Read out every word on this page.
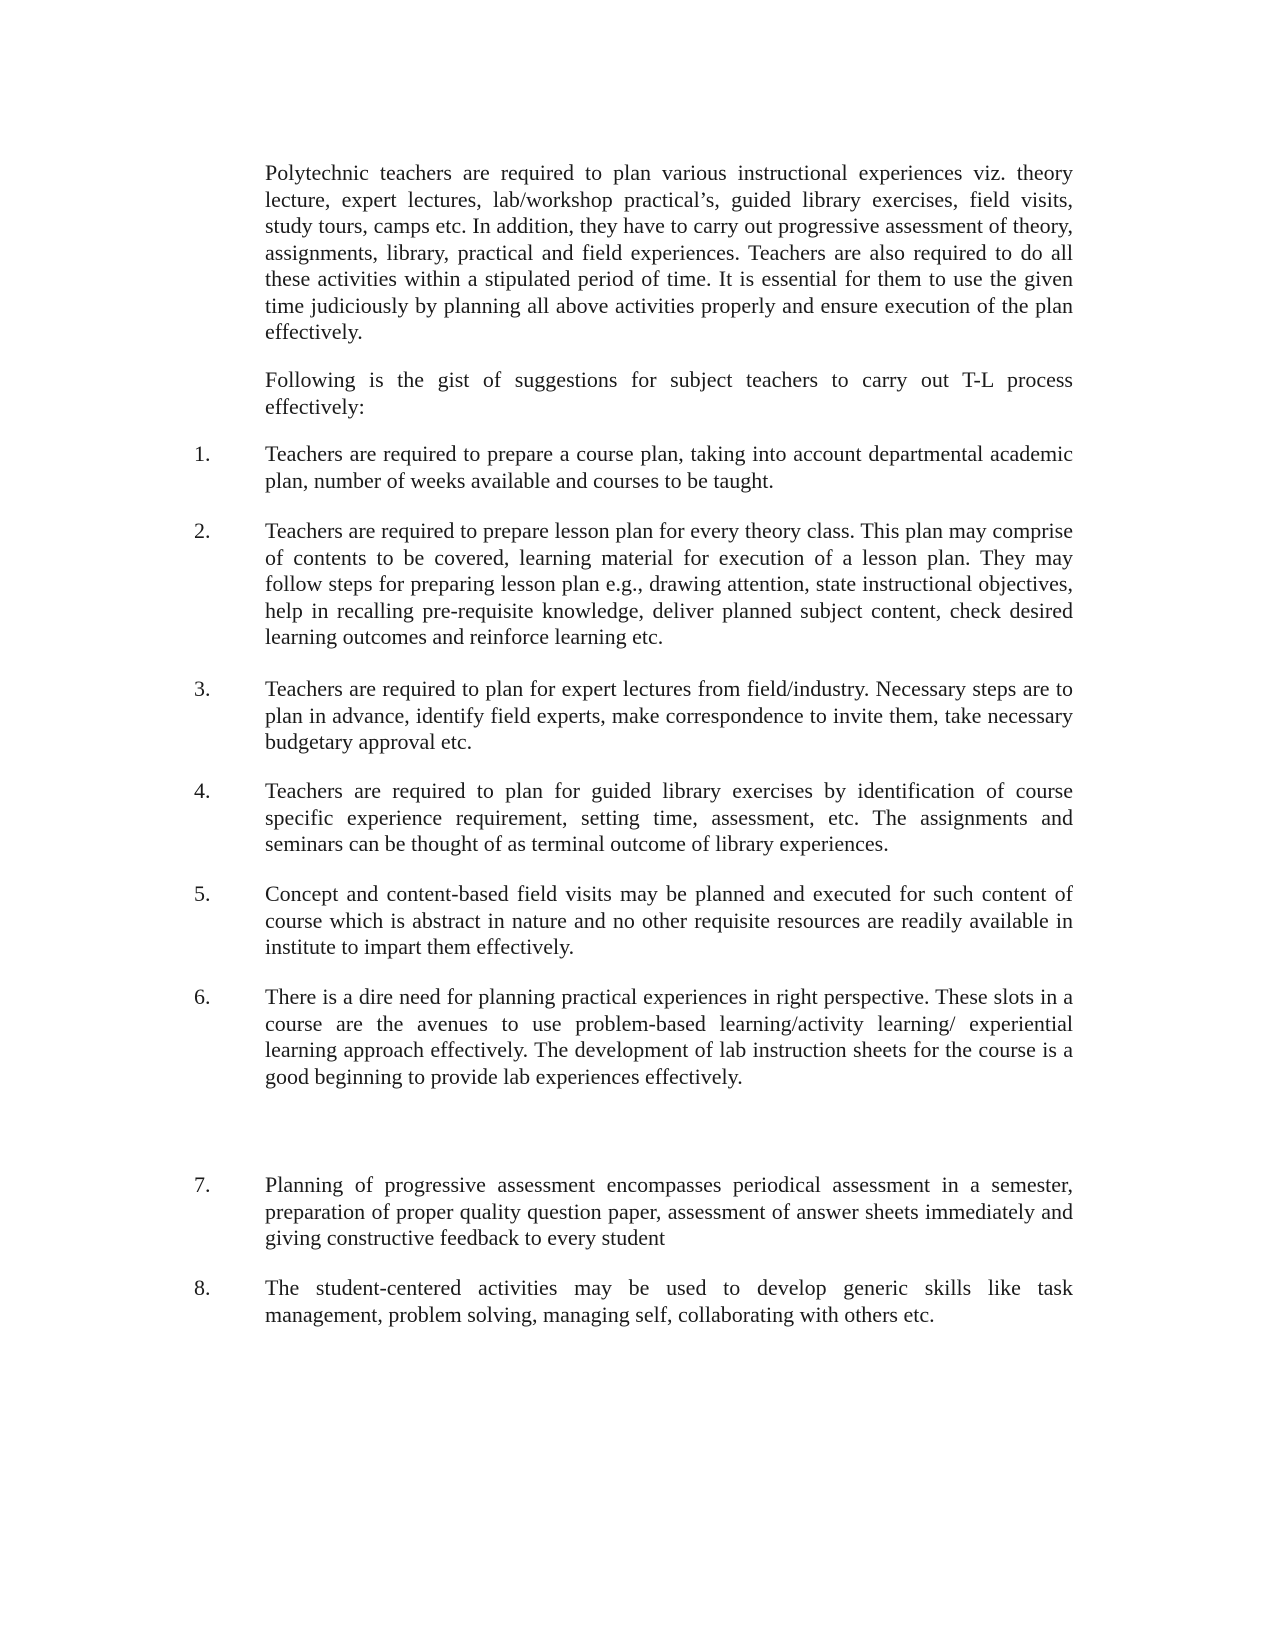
Polytechnic teachers are required to plan various instructional experiences viz. theory lecture, expert lectures, lab/workshop practical’s, guided library exercises, field visits, study tours, camps etc. In addition, they have to carry out progressive assessment of theory, assignments, library, practical and field experiences. Teachers are also required to do all these activities within a stipulated period of time. It is essential for them to use the given time judiciously by planning all above activities properly and ensure execution of the plan effectively.

Following is the gist of suggestions for subject teachers to carry out T-L process effectively:

1. Teachers are required to prepare a course plan, taking into account departmental academic plan, number of weeks available and courses to be taught.

2. Teachers are required to prepare lesson plan for every theory class. This plan may comprise of contents to be covered, learning material for execution of a lesson plan. They may follow steps for preparing lesson plan e.g., drawing attention, state instructional objectives, help in recalling pre-requisite knowledge, deliver planned subject content, check desired learning outcomes and reinforce learning etc.

3. Teachers are required to plan for expert lectures from field/industry. Necessary steps are to plan in advance, identify field experts, make correspondence to invite them, take necessary budgetary approval etc.

4. Teachers are required to plan for guided library exercises by identification of course specific experience requirement, setting time, assessment, etc. The assignments and seminars can be thought of as terminal outcome of library experiences.

5. Concept and content-based field visits may be planned and executed for such content of course which is abstract in nature and no other requisite resources are readily available in institute to impart them effectively.

6. There is a dire need for planning practical experiences in right perspective. These slots in a course are the avenues to use problem-based learning/activity learning/ experiential learning approach effectively. The development of lab instruction sheets for the course is a good beginning to provide lab experiences effectively.

7. Planning of progressive assessment encompasses periodical assessment in a semester, preparation of proper quality question paper, assessment of answer sheets immediately and giving constructive feedback to every student

8. The student-centered activities may be used to develop generic skills like task management, problem solving, managing self, collaborating with others etc.
